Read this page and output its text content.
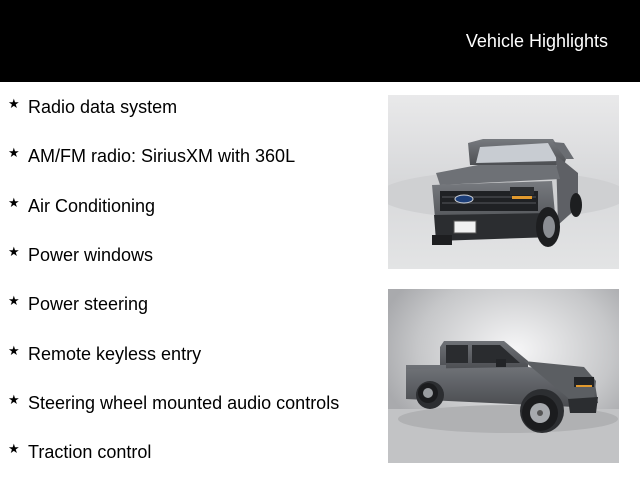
Vehicle Highlights
★ Radio data system
★ AM/FM radio: SiriusXM with 360L
★ Air Conditioning
★ Power windows
★ Power steering
★ Remote keyless entry
★ Steering wheel mounted audio controls
★ Traction control
